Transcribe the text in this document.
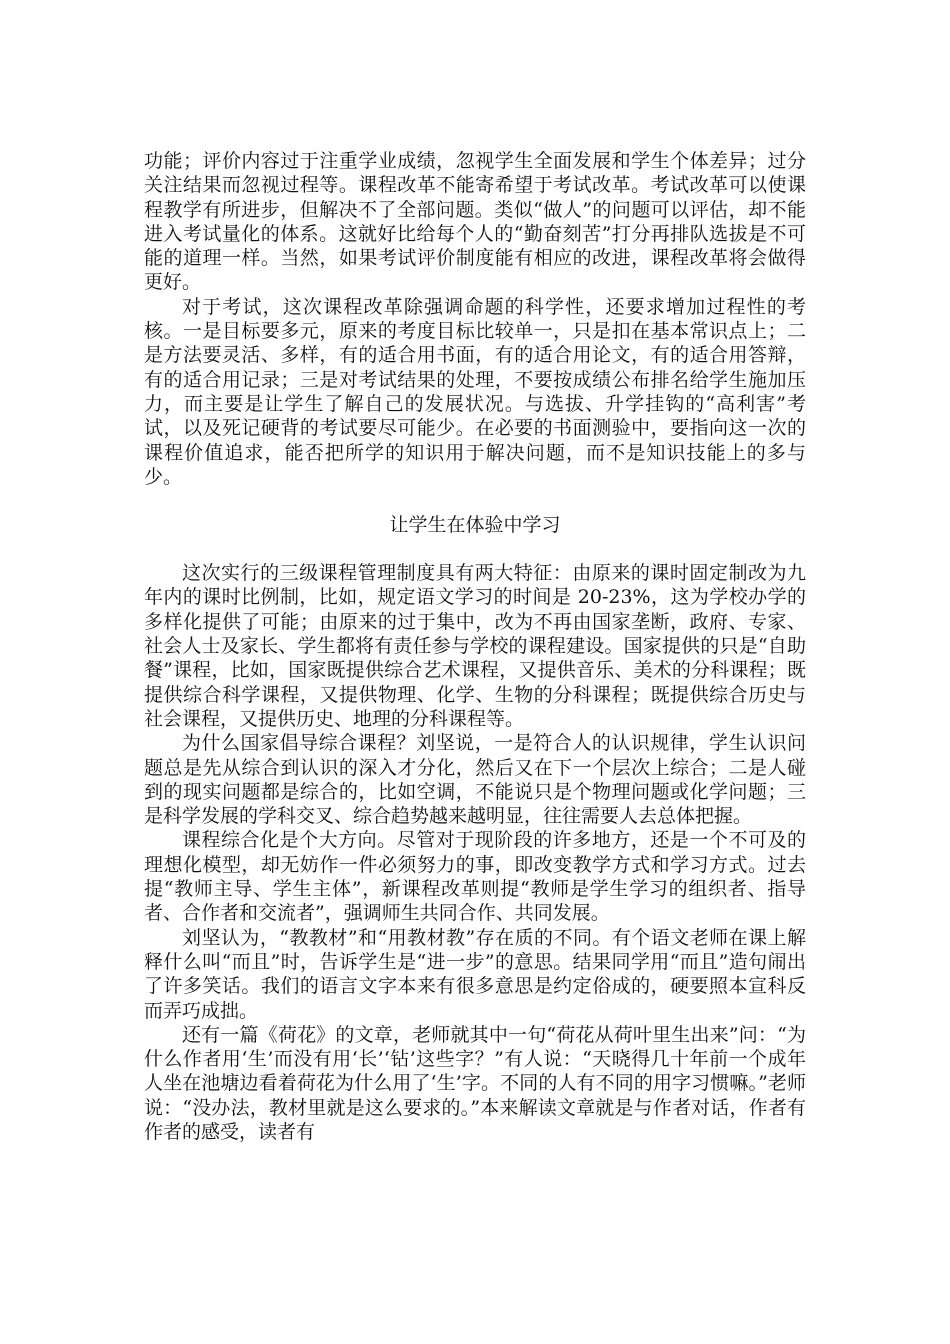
功能；评价内容过于注重学业成绩，忽视学生全面发展和学生个体差异；过分关注结果而忽视过程等。课程改革不能寄希望于考试改革。考试改革可以使课程教学有所进步，但解决不了全部问题。类似“做人”的问题可以评估，却不能进入考试量化的体系。这就好比给每个人的“勤奋刻苦”打分再排队选拔是不可能的道理一样。当然，如果考试评价制度能有相应的改进，课程改革将会做得更好。

对于考试，这次课程改革除强调命题的科学性，还要求增加过程性的考核。一是目标要多元，原来的考度目标比较单一，只是扣在基本常识点上；二是方法要灵活、多样，有的适合用书面，有的适合用论文，有的适合用答辩，有的适合用记录；三是对考试结果的处理，不要按成绩公布排名给学生施加压力，而主要是让学生了解自己的发展状况。与选拔、升学挂钩的“高利害”考试，以及死记硬背的考试要尽可能少。在必要的书面测验中，要指向这一次的课程价值追求，能否把所学的知识用于解决问题，而不是知识技能上的多与少。

让学生在体验中学习

这次实行的三级课程管理制度具有两大特征：由原来的课时固定制改为九年内的课时比例制，比如，规定语文学习的时间是 20-23%，这为学校办学的多样化提供了可能；由原来的过于集中，改为不再由国家垄断，政府、专家、社会人士及家长、学生都将有责任参与学校的课程建设。国家提供的只是“自助餐”课程，比如，国家既提供综合艺术课程，又提供音乐、美术的分科课程；既提供综合科学课程，又提供物理、化学、生物的分科课程；既提供综合历史与社会课程，又提供历史、地理的分科课程等。

为什么国家倡导综合课程？刘坚说，一是符合人的认识规律，学生认识问题总是先从综合到认识的深入才分化，然后又在下一个层次上综合；二是人碰到的现实问题都是综合的，比如空调，不能说只是个物理问题或化学问题；三是科学发展的学科交叉、综合趋势越来越明显，往往需要人去总体把握。

课程综合化是个大方向。尽管对于现阶段的许多地方，还是一个不可及的理想化模型，却无妨作一件必须努力的事，即改变教学方式和学习方式。过去提“教师主导、学生主体”，新课程改革则提“教师是学生学习的组织者、指导者、合作者和交流者”，强调师生共同合作、共同发展。

刘坚认为，“教教材”和“用教材教”存在质的不同。有个语文老师在课上解释什么叫“而且”时，告诉学生是“进一步”的意思。结果同学用“而且”造句闹出了许多笑话。我们的语言文字本来有很多意思是约定俗成的，硬要照本宣科反而弄巧成拙。

还有一篇《荷花》的文章，老师就其中一句“荷花从荷叶里生出来”问：“为什么作者用‘生’而没有用‘长’‘钻’这些字？”有人说：“天晓得几十年前一个成年人坐在池塘边看着荷花为什么用了‘生’字。不同的人有不同的用字习惯嘛。”老师说：“没办法，教材里就是这么要求的。”本来解读文章就是与作者对话，作者有作者的感受，读者有
